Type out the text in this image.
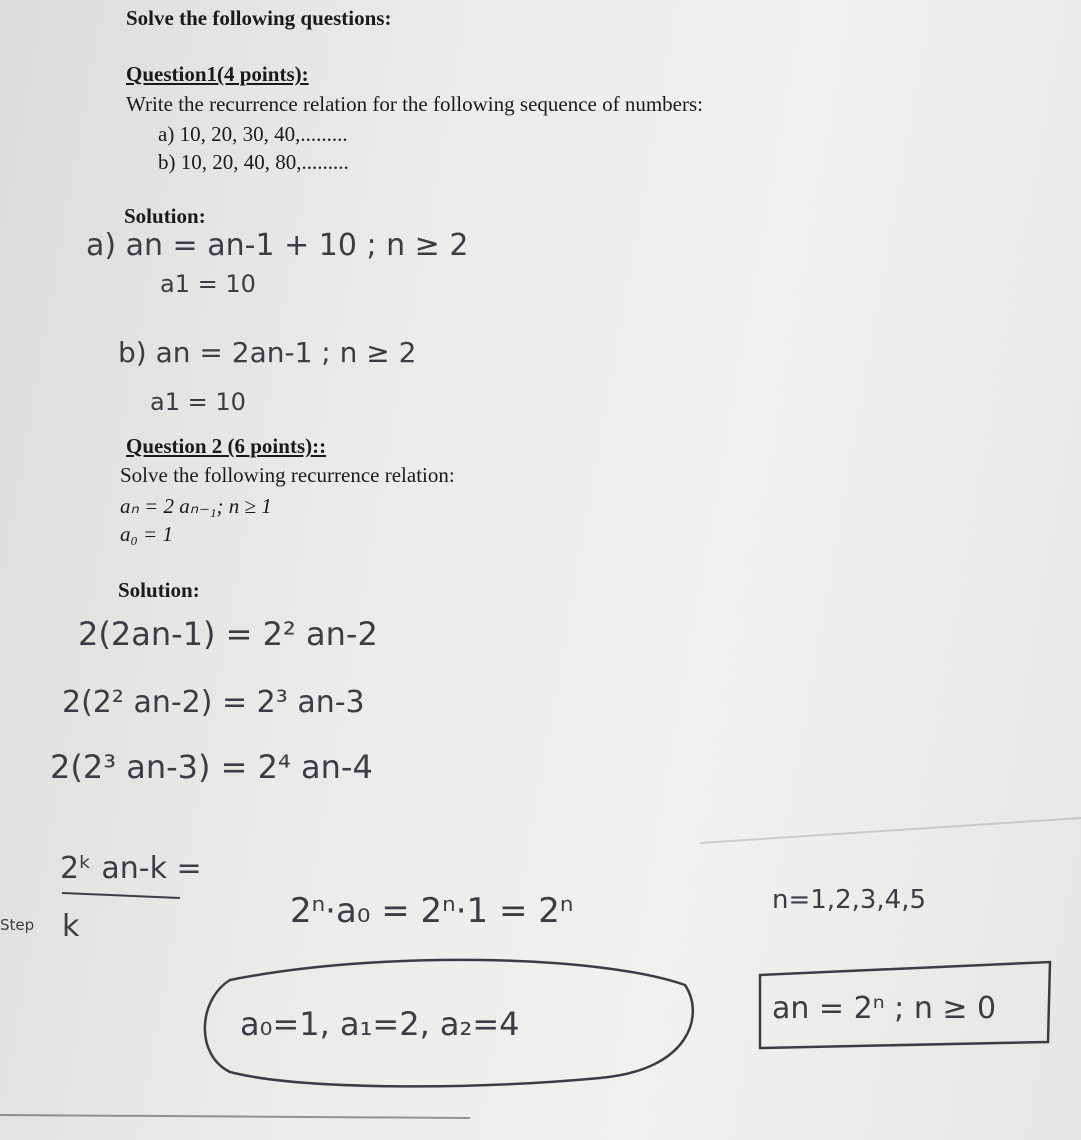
Solve the following questions:
Question1(4 points):
Write the recurrence relation for the following sequence of numbers:
a) 10, 20, 30, 40,.........
b) 10, 20, 40, 80,.........
Solution:
Question 2 (6 points)::
Solve the following recurrence relation:
aₙ = 2 aₙ₋₁; n ≥ 1
a₀ = 1
Solution:
a) an = an-1 + 10 ; n ≥ 2
a1 = 10
b) an = 2an-1 ; n ≥ 2
a1 = 10
2(2an-1) = 2² an-2
2(2² an-2) = 2³ an-3
2(2³ an-3) = 2⁴ an-4
2ᵏ an-k =
Step k	2ⁿ·a₀ = 2ⁿ·1 = 2ⁿ	n=1,2,3,4,5
a₀=1, a₁=2, a₂=4	an = 2ⁿ ; n ≥ 0
